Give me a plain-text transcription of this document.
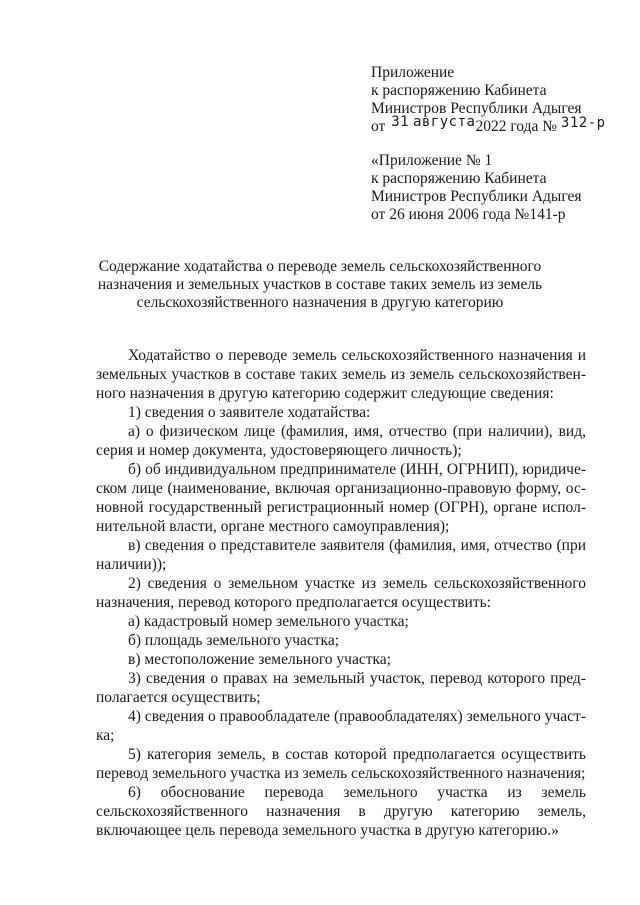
Приложение
к распоряжению Кабинета
Министров Республики Адыгея
от 31 августа2022 года № 312-р
«Приложение № 1
к распоряжению Кабинета
Министров Республики Адыгея
от 26 июня 2006 года №141-р
Содержание ходатайства о переводе земель сельскохозяйственного
назначения и земельных участков в составе таких земель из земель
сельскохозяйственного назначения в другую категорию

Ходатайство о переводе земель сельскохозяйственного назначения и земельных участков в составе таких земель из земель сельскохозяйственного назначения в другую категорию содержит следующие сведения:

1) сведения о заявителе ходатайства:

а) о физическом лице (фамилия, имя, отчество (при наличии), вид, серия и номер документа, удостоверяющего личность);

б) об индивидуальном предпринимателе (ИНН, ОГРНИП), юридическом лице (наименование, включая организационно-правовую форму, основной государственный регистрационный номер (ОГРН), органе исполнительной власти, органе местного самоуправления);

в) сведения о представителе заявителя (фамилия, имя, отчество (при наличии));

2) сведения о земельном участке из земель сельскохозяйственного назначения, перевод которого предполагается осуществить:

а) кадастровый номер земельного участка;

б) площадь земельного участка;

в) местоположение земельного участка;

3) сведения о правах на земельный участок, перевод которого предполагается осуществить;

4) сведения о правообладателе (правообладателях) земельного участка;

5) категория земель, в состав которой предполагается осуществить перевод земельного участка из земель сельскохозяйственного назначения;

6) обоснование перевода земельного участка из земель сельскохозяйственного назначения в другую категорию земель, включающее цель перевода земельного участка в другую категорию.»
